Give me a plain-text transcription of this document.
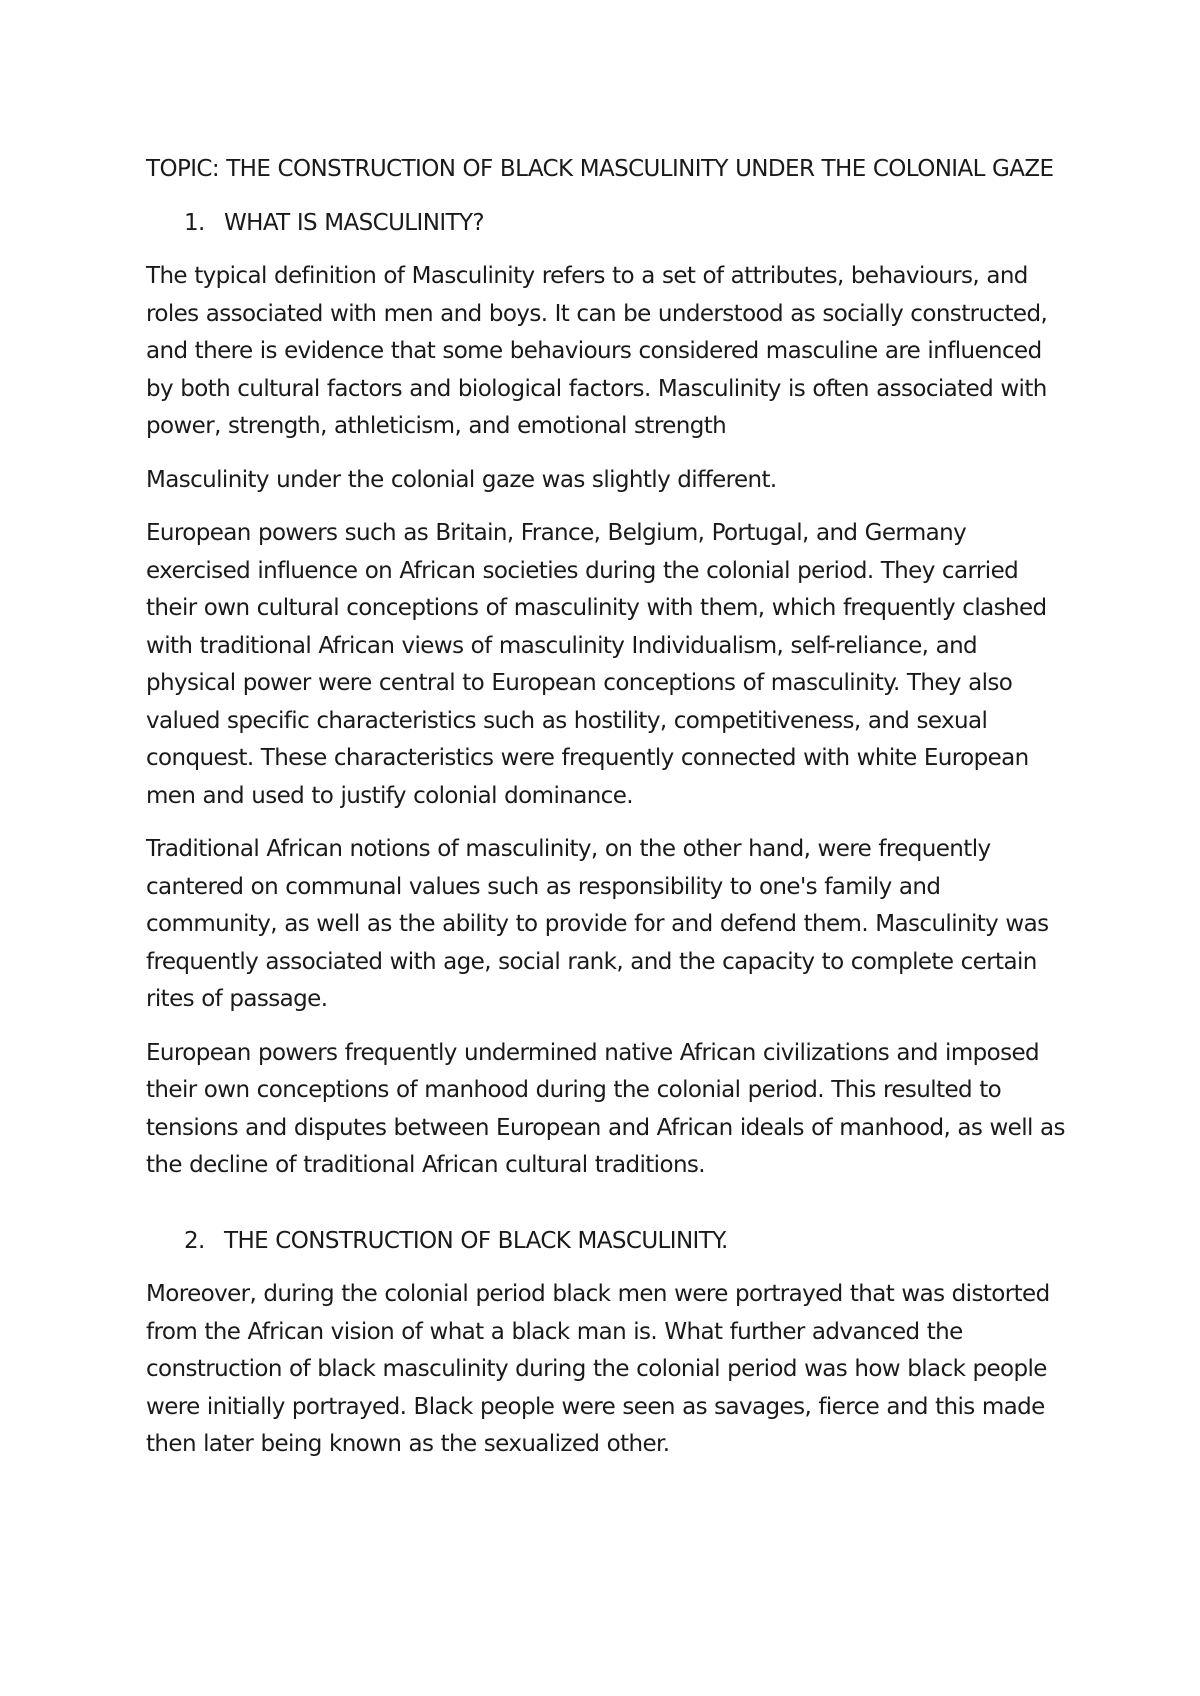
TOPIC: THE CONSTRUCTION OF BLACK MASCULINITY UNDER THE COLONIAL GAZE

1. WHAT IS MASCULINITY?

The typical definition of Masculinity refers to a set of attributes, behaviours, and roles associated with men and boys. It can be understood as socially constructed, and there is evidence that some behaviours considered masculine are influenced by both cultural factors and biological factors. Masculinity is often associated with power, strength, athleticism, and emotional strength

Masculinity under the colonial gaze was slightly different.

European powers such as Britain, France, Belgium, Portugal, and Germany exercised influence on African societies during the colonial period. They carried their own cultural conceptions of masculinity with them, which frequently clashed with traditional African views of masculinity Individualism, self-reliance, and physical power were central to European conceptions of masculinity. They also valued specific characteristics such as hostility, competitiveness, and sexual conquest. These characteristics were frequently connected with white European men and used to justify colonial dominance.

Traditional African notions of masculinity, on the other hand, were frequently cantered on communal values such as responsibility to one's family and community, as well as the ability to provide for and defend them. Masculinity was frequently associated with age, social rank, and the capacity to complete certain rites of passage.

European powers frequently undermined native African civilizations and imposed their own conceptions of manhood during the colonial period. This resulted to tensions and disputes between European and African ideals of manhood, as well as the decline of traditional African cultural traditions.

2. THE CONSTRUCTION OF BLACK MASCULINITY.

Moreover, during the colonial period black men were portrayed that was distorted from the African vision of what a black man is. What further advanced the construction of black masculinity during the colonial period was how black people were initially portrayed. Black people were seen as savages, fierce and this made then later being known as the sexualized other.
